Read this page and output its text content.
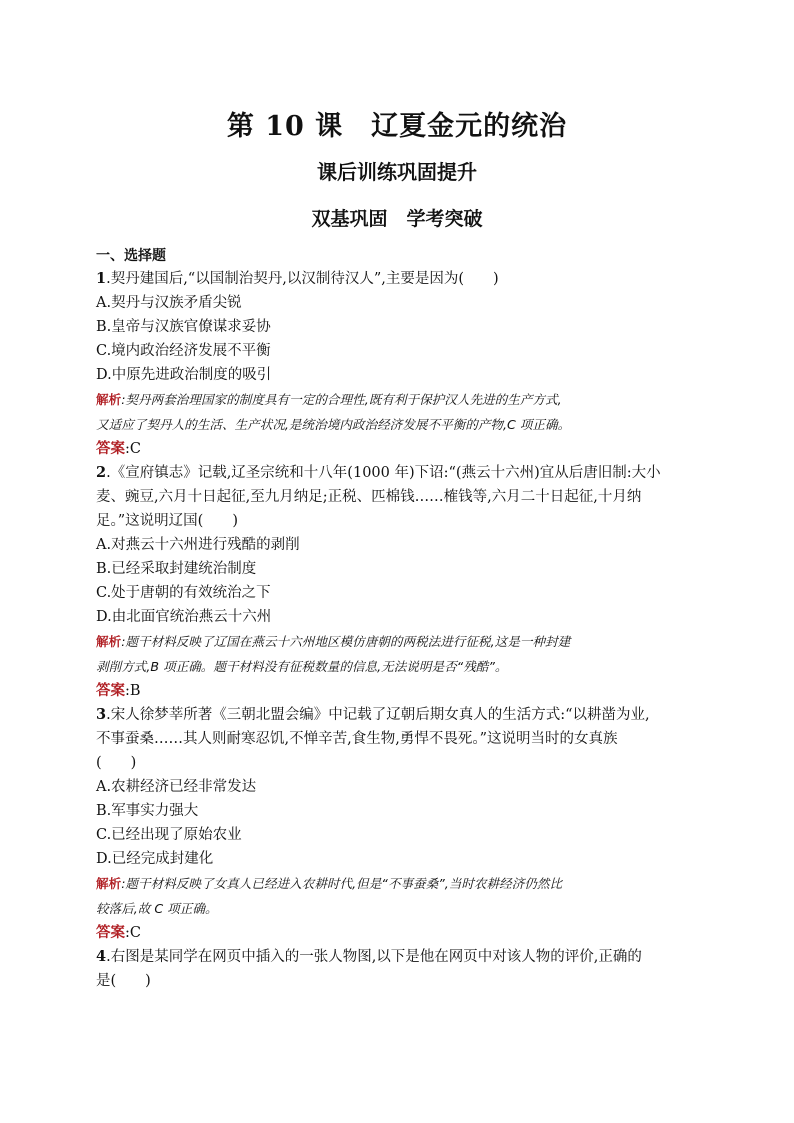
第 10 课　辽夏金元的统治
课后训练巩固提升
双基巩固　学考突破
一、选择题
1.契丹建国后,“以国制治契丹,以汉制待汉人”,主要是因为(　　)
A.契丹与汉族矛盾尖锐
B.皇帝与汉族官僚谋求妥协
C.境内政治经济发展不平衡
D.中原先进政治制度的吸引
解析:契丹两套治理国家的制度具有一定的合理性,既有利于保护汉人先进的生产方式,
又适应了契丹人的生活、生产状况,是统治境内政治经济发展不平衡的产物,C 项正确。
答案:C
2.《宣府镇志》记载,辽圣宗统和十八年(1000 年)下诏:“(燕云十六州)宜从后唐旧制:大小
麦、豌豆,六月十日起征,至九月纳足;正税、匹棉钱……榷钱等,六月二十日起征,十月纳
足。”这说明辽国(　　)
A.对燕云十六州进行残酷的剥削
B.已经采取封建统治制度
C.处于唐朝的有效统治之下
D.由北面官统治燕云十六州
解析:题干材料反映了辽国在燕云十六州地区模仿唐朝的两税法进行征税,这是一种封建
剥削方式,B 项正确。题干材料没有征税数量的信息,无法说明是否“残酷”。
答案:B
3.宋人徐梦莘所著《三朝北盟会编》中记载了辽朝后期女真人的生活方式:“以耕凿为业,
不事蚕桑……其人则耐寒忍饥,不惮辛苦,食生物,勇悍不畏死。”这说明当时的女真族
(　　)
A.农耕经济已经非常发达
B.军事实力强大
C.已经出现了原始农业
D.已经完成封建化
解析:题干材料反映了女真人已经进入农耕时代,但是“不事蚕桑”,当时农耕经济仍然比
较落后,故 C 项正确。
答案:C
4.右图是某同学在网页中插入的一张人物图,以下是他在网页中对该人物的评价,正确的
是(　　)
